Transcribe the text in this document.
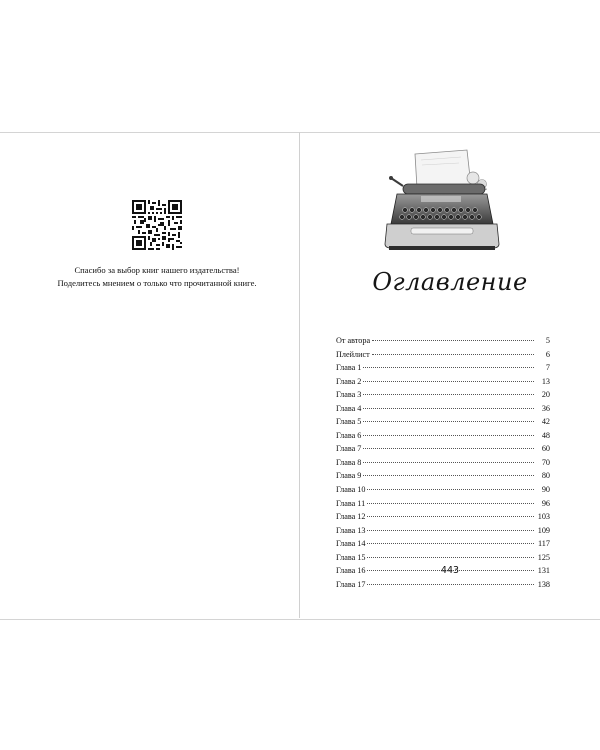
Спасибо за выбор книг нашего издательства!
Поделитесь мнением о только что прочитанной книге.	Оглавление
От автора	5
Плейлист	6
Глава 1	7
Глава 2	13
Глава 3	20
Глава 4	36
Глава 5	42
Глава 6	48
Глава 7	60
Глава 8	70
Глава 9	80
Глава 10	90
Глава 11	96
Глава 12	103
Глава 13	109
Глава 14	117
Глава 15	125
Глава 16	131
Глава 17	138
443
